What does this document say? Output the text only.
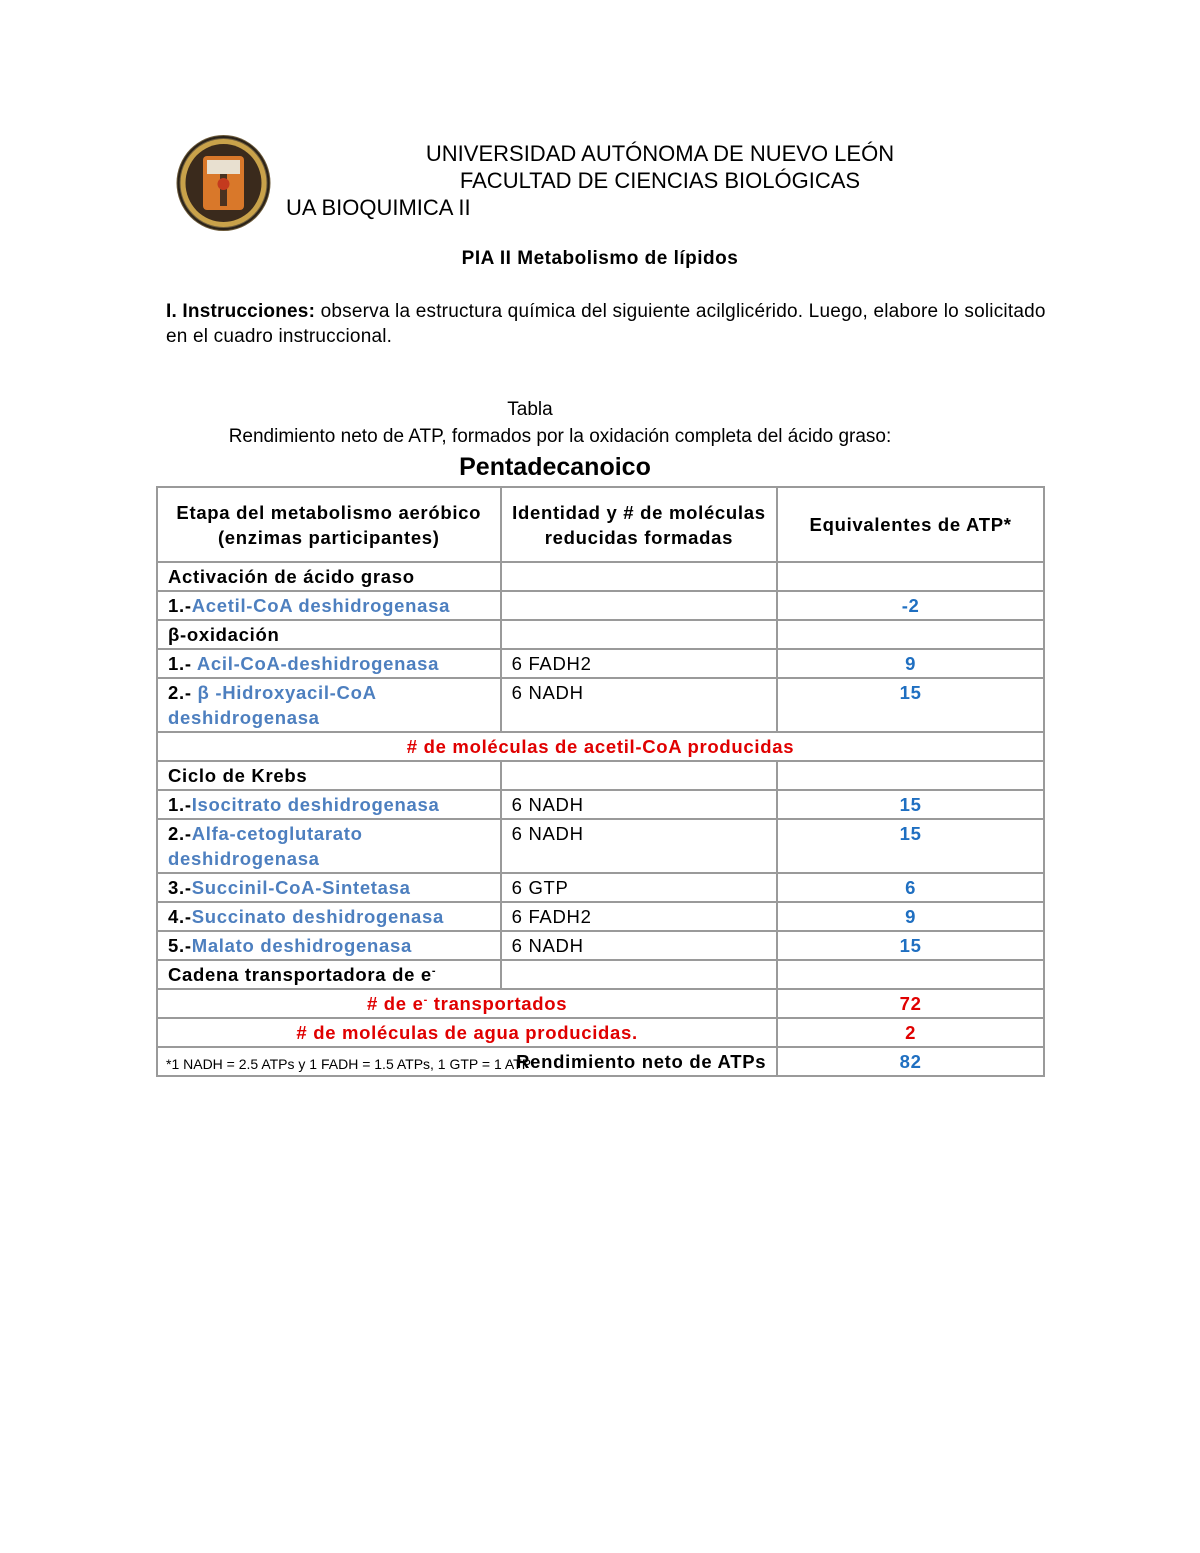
UNIVERSIDAD AUTÓNOMA DE NUEVO LEÓN
FACULTAD DE CIENCIAS BIOLÓGICAS
UA BIOQUIMICA II
PIA II Metabolismo de lípidos
I. Instrucciones: observa la estructura química del siguiente acilglicérido. Luego, elabore lo solicitado en el cuadro instruccional.
Tabla
Rendimiento neto de ATP, formados por la oxidación completa del ácido graso:
Pentadecanoico
Etapa del metabolismo aeróbico (enzimas participantes)	Identidad y # de moléculas reducidas formadas	Equivalentes de ATP*
Activación de ácido graso		
1.-Acetil-CoA deshidrogenasa		-2
β-oxidación		
1.- Acil-CoA-deshidrogenasa	6 FADH2	9
2.- β -Hidroxyacil-CoA deshidrogenasa	6 NADH	15
# de moléculas de acetil-CoA producidas		
Ciclo de Krebs		
1.-Isocitrato deshidrogenasa	6 NADH	15
2.-Alfa-cetoglutarato deshidrogenasa	6 NADH	15
3.-Succinil-CoA-Sintetasa	6 GTP	6
4.-Succinato deshidrogenasa	6 FADH2	9
5.-Malato deshidrogenasa	6 NADH	15
Cadena transportadora de e-		
# de e- transportados		72
# de moléculas de agua producidas.		2
Rendimiento neto de ATPs		82
*1 NADH = 2.5 ATPs y 1 FADH = 1.5 ATPs, 1 GTP = 1 ATP
